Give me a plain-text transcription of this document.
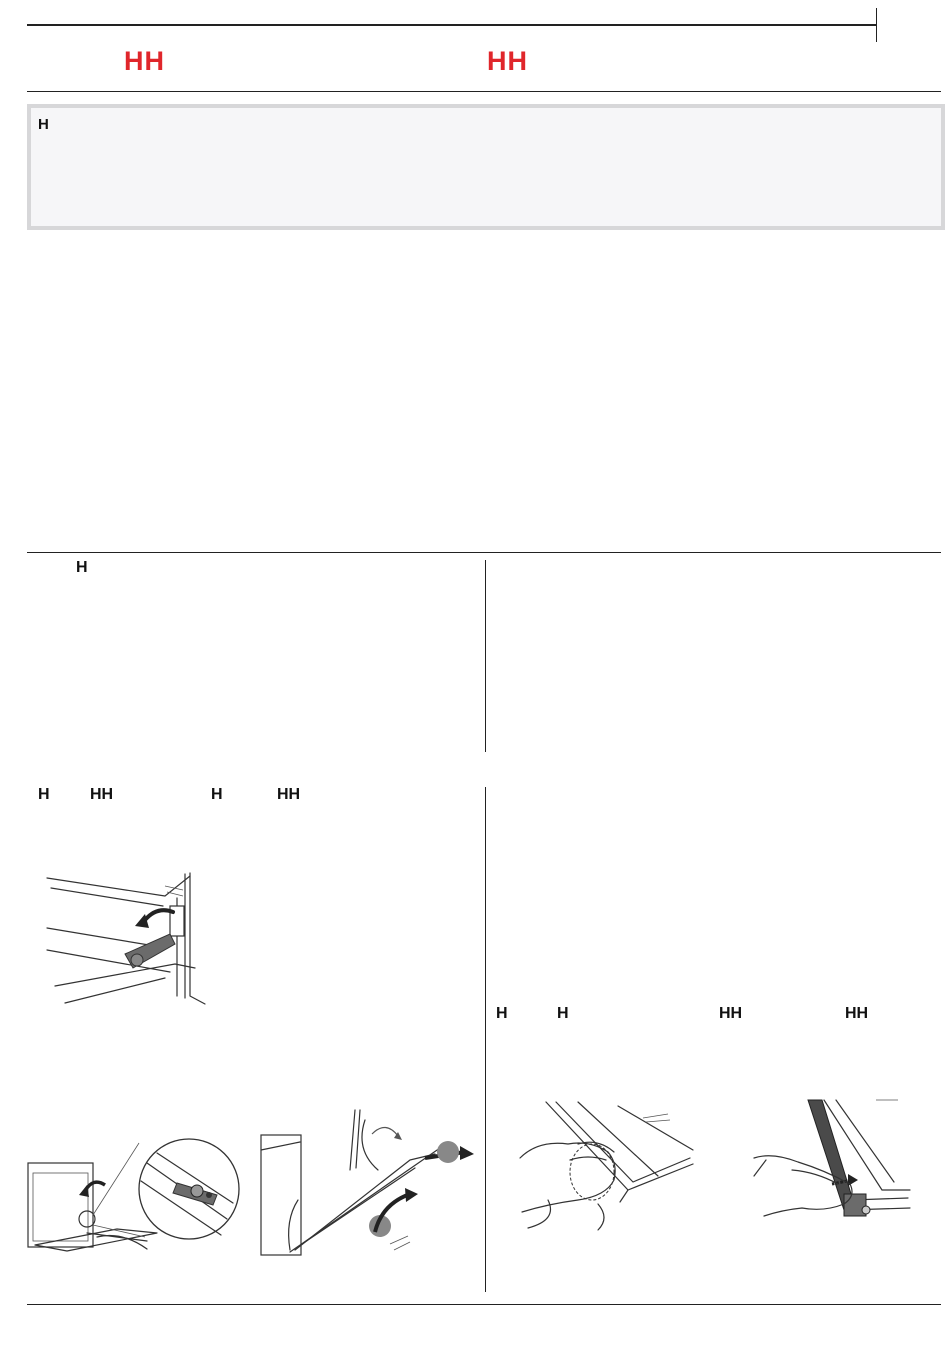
HH	HH
H
H
H	HH	H	HH
H	H	HH	HH
